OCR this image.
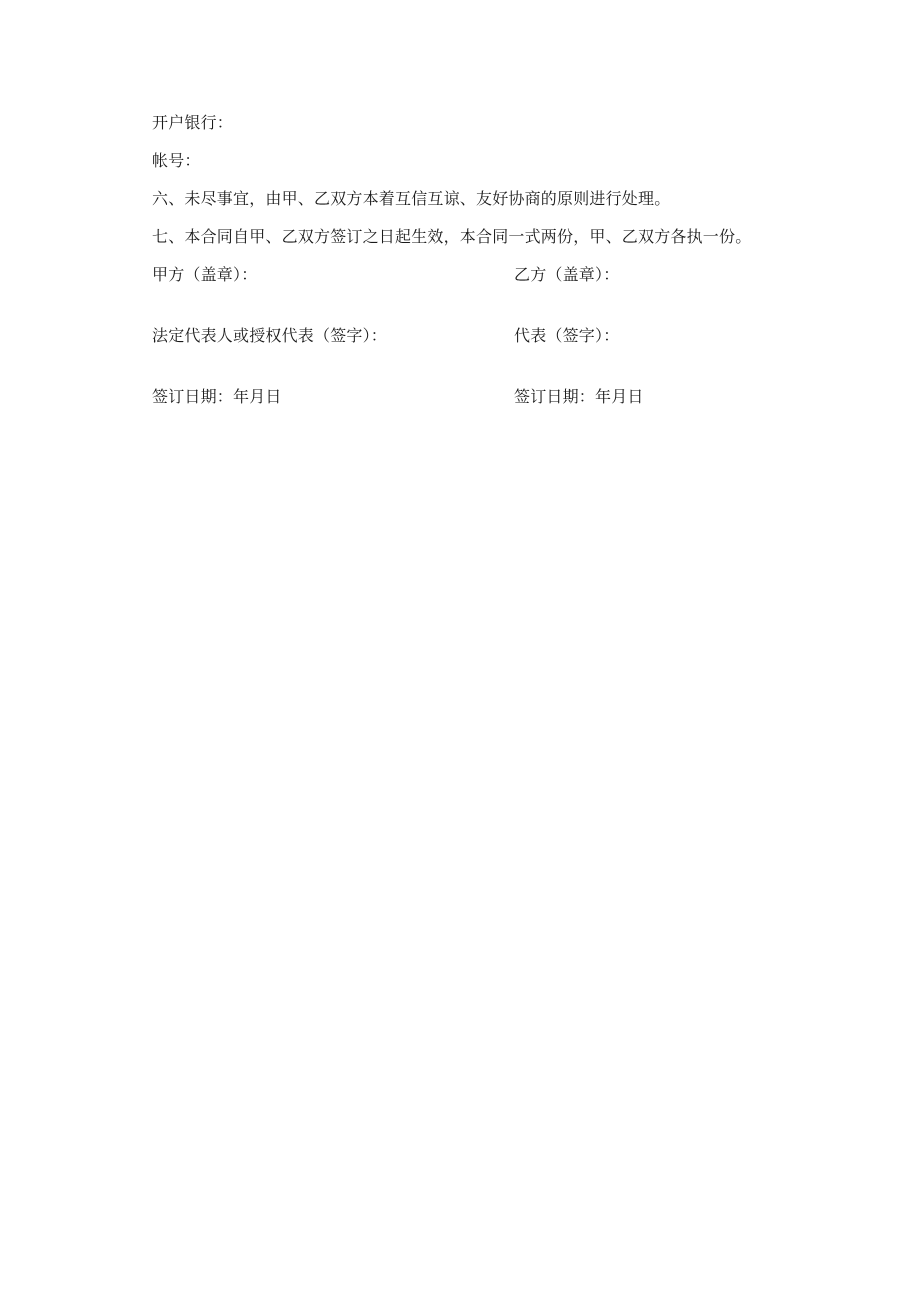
开户银行：
帐号：
六、未尽事宜，由甲、乙双方本着互信互谅、友好协商的原则进行处理。
七、本合同自甲、乙双方签订之日起生效，本合同一式两份，甲、乙双方各执一份。
甲方（盖章）：	乙方（盖章）：
法定代表人或授权代表（签字）：	代表（签字）：
签订日期：年月日	签订日期：年月日
